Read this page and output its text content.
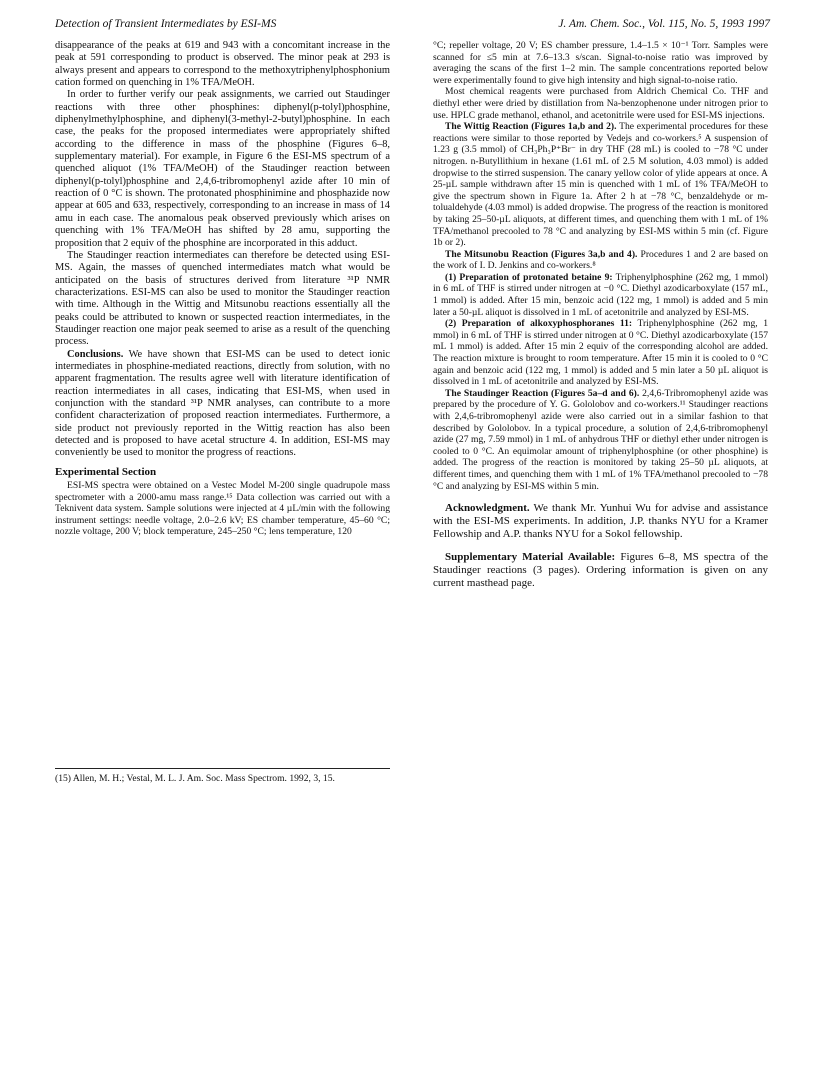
Detection of Transient Intermediates by ESI-MS	J. Am. Chem. Soc., Vol. 115, No. 5, 1993 1997

disappearance of the peaks at 619 and 943 with a concomitant increase in the peak at 591 corresponding to product is observed. The minor peak at 293 is always present and appears to correspond to the methoxytriphenylphosphonium cation formed on quenching in 1% TFA/MeOH.

In order to further verify our peak assignments, we carried out Staudinger reactions with three other phosphines: diphenyl(p-tolyl)phosphine, diphenylmethylphosphine, and diphenyl(3-methyl-2-butyl)phosphine. In each case, the peaks for the proposed intermediates were appropriately shifted according to the difference in mass of the phosphine (Figures 6–8, supplementary material). For example, in Figure 6 the ESI-MS spectrum of a quenched aliquot (1% TFA/MeOH) of the Staudinger reaction between diphenyl(p-tolyl)phosphine and 2,4,6-tribromophenyl azide after 10 min of reaction of 0 °C is shown. The protonated phosphinimine and phosphazide now appear at 605 and 633, respectively, corresponding to an increase in mass of 14 amu in each case. The anomalous peak observed previously which arises on quenching with 1% TFA/MeOH has shifted by 28 amu, supporting the proposition that 2 equiv of the phosphine are incorporated in this adduct.

The Staudinger reaction intermediates can therefore be detected using ESI-MS. Again, the masses of quenched intermediates match what would be anticipated on the basis of structures derived from literature ³¹P NMR characterizations. ESI-MS can also be used to monitor the Staudinger reaction with time. Although in the Wittig and Mitsunobu reactions essentially all the peaks could be attributed to known or suspected reaction intermediates, in the Staudinger reaction one major peak seemed to arise as a result of the quenching process.

Conclusions. We have shown that ESI-MS can be used to detect ionic intermediates in phosphine-mediated reactions, directly from solution, with no apparent fragmentation. The results agree well with literature identification of reaction intermediates in all cases, indicating that ESI-MS, when used in conjunction with the standard ³¹P NMR analyses, can contribute to a more confident characterization of proposed reaction intermediates. Furthermore, a side product not previously reported in the Wittig reaction has also been detected and is proposed to have acetal structure 4. In addition, ESI-MS may conveniently be used to monitor the progress of reactions.

Experimental Section

ESI-MS spectra were obtained on a Vestec Model M-200 single quadrupole mass spectrometer with a 2000-amu mass range.¹⁵ Data collection was carried out with a Teknivent data system. Sample solutions were injected at 4 µL/min with the following instrument settings: needle voltage, 2.0–2.6 kV; ES chamber temperature, 45–60 °C; nozzle voltage, 200 V; block temperature, 245–250 °C; lens temperature, 120

(15) Allen, M. H.; Vestal, M. L. J. Am. Soc. Mass Spectrom. 1992, 3, 15.

°C; repeller voltage, 20 V; ES chamber pressure, 1.4–1.5 × 10⁻¹ Torr. Samples were scanned for ≤5 min at 7.6–13.3 s/scan. Signal-to-noise ratio was improved by averaging the scans of the first 1–2 min. The sample concentrations reported below were experimentally found to give high intensity and high signal-to-noise ratio.

Most chemical reagents were purchased from Aldrich Chemical Co. THF and diethyl ether were dried by distillation from Na-benzophenone under nitrogen prior to use. HPLC grade methanol, ethanol, and acetonitrile were used for ESI-MS injections.

The Wittig Reaction (Figures 1a,b and 2). The experimental procedures for these reactions were similar to those reported by Vedejs and co-workers.⁵ A suspension of 1.23 g (3.5 mmol) of CH₃Ph₃P⁺Br⁻ in dry THF (28 mL) is cooled to −78 °C under nitrogen. n-Butyllithium in hexane (1.61 mL of 2.5 M solution, 4.03 mmol) is added dropwise to the stirred suspension. The canary yellow color of ylide appears at once. A 25-µL sample withdrawn after 15 min is quenched with 1 mL of 1% TFA/MeOH to give the spectrum shown in Figure 1a. After 2 h at −78 °C, benzaldehyde or m-tolualdehyde (4.03 mmol) is added dropwise. The progress of the reaction is monitored by taking 25–50-µL aliquots, at different times, and quenching them with 1 mL of 1% TFA/methanol precooled to 78 °C and analyzing by ESI-MS within 5 min (cf. Figure 1b or 2).

The Mitsunobu Reaction (Figures 3a,b and 4). Procedures 1 and 2 are based on the work of I. D. Jenkins and co-workers.⁸

(1) Preparation of protonated betaine 9: Triphenylphosphine (262 mg, 1 mmol) in 6 mL of THF is stirred under nitrogen at −0 °C. Diethyl azodicarboxylate (157 mL, 1 mmol) is added. After 15 min, benzoic acid (122 mg, 1 mmol) is added and 5 min later a 50-µL aliquot is dissolved in 1 mL of acetonitrile and analyzed by ESI-MS.

(2) Preparation of alkoxyphosphoranes 11: Triphenylphosphine (262 mg, 1 mmol) in 6 mL of THF is stirred under nitrogen at 0 °C. Diethyl azodicarboxylate (157 mL 1 mmol) is added. After 15 min 2 equiv of the corresponding alcohol are added. The reaction mixture is brought to room temperature. After 15 min it is cooled to 0 °C again and benzoic acid (122 mg, 1 mmol) is added and 5 min later a 50 µL aliquot is dissolved in 1 mL of acetonitrile and analyzed by ESI-MS.

The Staudinger Reaction (Figures 5a–d and 6). 2,4,6-Tribromophenyl azide was prepared by the procedure of Y. G. Gololobov and co-workers.¹¹ Staudinger reactions with 2,4,6-tribromophenyl azide were also carried out in a similar fashion to that described by Gololobov. In a typical procedure, a solution of 2,4,6-tribromophenyl azide (27 mg, 7.59 mmol) in 1 mL of anhydrous THF or diethyl ether under nitrogen is cooled to 0 °C. An equimolar amount of triphenylphosphine (or other phosphine) is added. The progress of the reaction is monitored by taking 25–50 µL aliquots, at different times, and quenching them with 1 mL of 1% TFA/methanol precooled to −78 °C and analyzing by ESI-MS within 5 min.

Acknowledgment. We thank Mr. Yunhui Wu for advise and assistance with the ESI-MS experiments. In addition, J.P. thanks NYU for a Kramer Fellowship and A.P. thanks NYU for a Sokol fellowship.

Supplementary Material Available: Figures 6–8, MS spectra of the Staudinger reactions (3 pages). Ordering information is given on any current masthead page.
